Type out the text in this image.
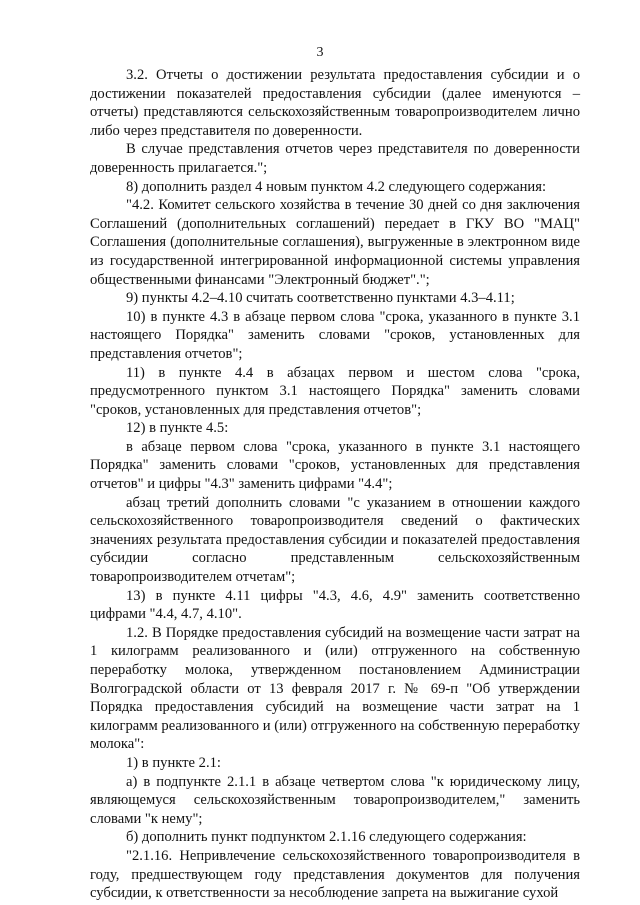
3

3.2. Отчеты о достижении результата предоставления субсидии и о достижении показателей предоставления субсидии (далее именуются – отчеты) представляются сельскохозяйственным товаропроизводителем лично либо через представителя по доверенности.

В случае представления отчетов через представителя по доверенности доверенность прилагается.";

8) дополнить раздел 4 новым пунктом 4.2 следующего содержания:

"4.2. Комитет сельского хозяйства в течение 30 дней со дня заключения Соглашений (дополнительных соглашений) передает в ГКУ ВО "МАЦ" Соглашения (дополнительные соглашения), выгруженные в электронном виде из государственной интегрированной информационной системы управления общественными финансами "Электронный бюджет".";

9) пункты 4.2–4.10 считать соответственно пунктами 4.3–4.11;

10) в пункте 4.3 в абзаце первом слова "срока, указанного в пункте 3.1 настоящего Порядка" заменить словами "сроков, установленных для представления отчетов";

11) в пункте 4.4 в абзацах первом и шестом слова "срока, предусмотренного пунктом 3.1 настоящего Порядка" заменить словами "сроков, установленных для представления отчетов";

12) в пункте 4.5:

в абзаце первом слова "срока, указанного в пункте 3.1 настоящего Порядка" заменить словами "сроков, установленных для представления отчетов" и цифры "4.3" заменить цифрами "4.4";

абзац третий дополнить словами "с указанием в отношении каждого сельскохозяйственного товаропроизводителя сведений о фактических значениях результата предоставления субсидии и показателей предоставления субсидии согласно представленным сельскохозяйственным товаропроизводителем отчетам";

13) в пункте 4.11 цифры "4.3, 4.6, 4.9" заменить соответственно цифрами "4.4, 4.7, 4.10".

1.2. В Порядке предоставления субсидий на возмещение части затрат на 1 килограмм реализованного и (или) отгруженного на собственную переработку молока, утвержденном постановлением Администрации Волгоградской области от 13 февраля 2017 г. № 69-п "Об утверждении Порядка предоставления субсидий на возмещение части затрат на 1 килограмм реализованного и (или) отгруженного на собственную переработку молока":

1) в пункте 2.1:

а) в подпункте 2.1.1 в абзаце четвертом слова "к юридическому лицу, являющемуся сельскохозяйственным товаропроизводителем," заменить словами "к нему";

б) дополнить пункт подпунктом 2.1.16 следующего содержания:

"2.1.16. Непривлечение сельскохозяйственного товаропроизводителя в году, предшествующем году представления документов для получения субсидии, к ответственности за несоблюдение запрета на выжигание сухой
